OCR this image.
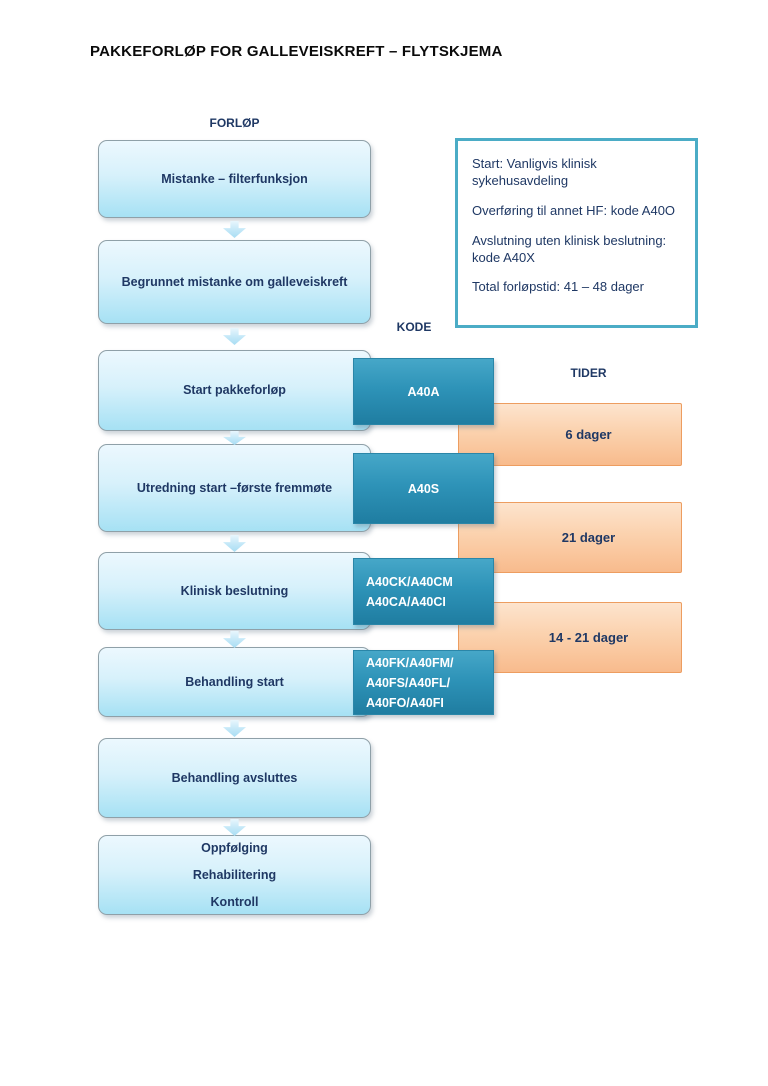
PAKKEFORLØP FOR GALLEVEISKREFT – FLYTSKJEMA
FORLØP
KODE
TIDER
Mistanke – filterfunksjon
Begrunnet mistanke om galleveiskreft
Start pakkeforløp
Utredning start –første fremmøte
Klinisk beslutning
Behandling start
Behandling avsluttes
Oppfølging
Rehabilitering
Kontroll
6 dager
21 dager
14 - 21 dager
A40A
A40S
A40CK/A40CM
A40CA/A40CI
A40FK/A40FM/
A40FS/A40FL/
A40FO/A40FI

Start: Vanligvis klinisk sykehusavdeling

Overføring til annet HF: kode A40O

Avslutning uten klinisk beslutning: kode A40X

Total forløpstid: 41 – 48 dager
